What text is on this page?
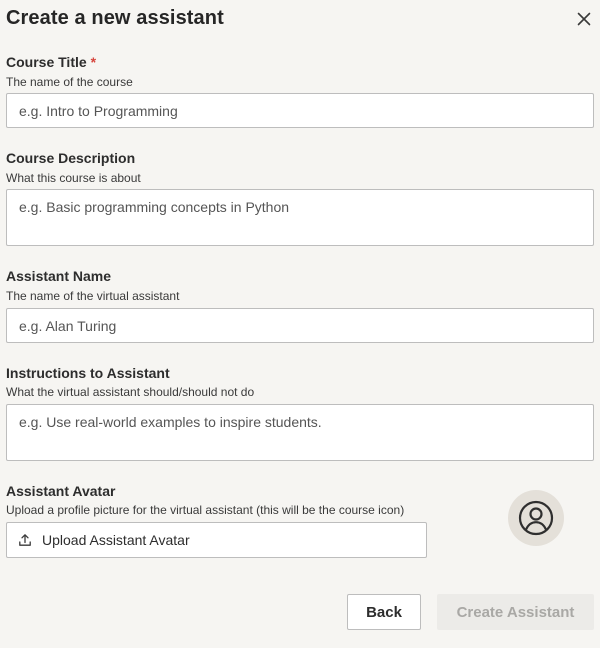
Create a new assistant
Course Title *
The name of the course
e.g. Intro to Programming
Course Description
What this course is about
e.g. Basic programming concepts in Python
Assistant Name
The name of the virtual assistant
e.g. Alan Turing
Instructions to Assistant
What the virtual assistant should/should not do
e.g. Use real-world examples to inspire students.
Assistant Avatar
Upload a profile picture for the virtual assistant (this will be the course icon)
Upload Assistant Avatar
Back	Create Assistant
